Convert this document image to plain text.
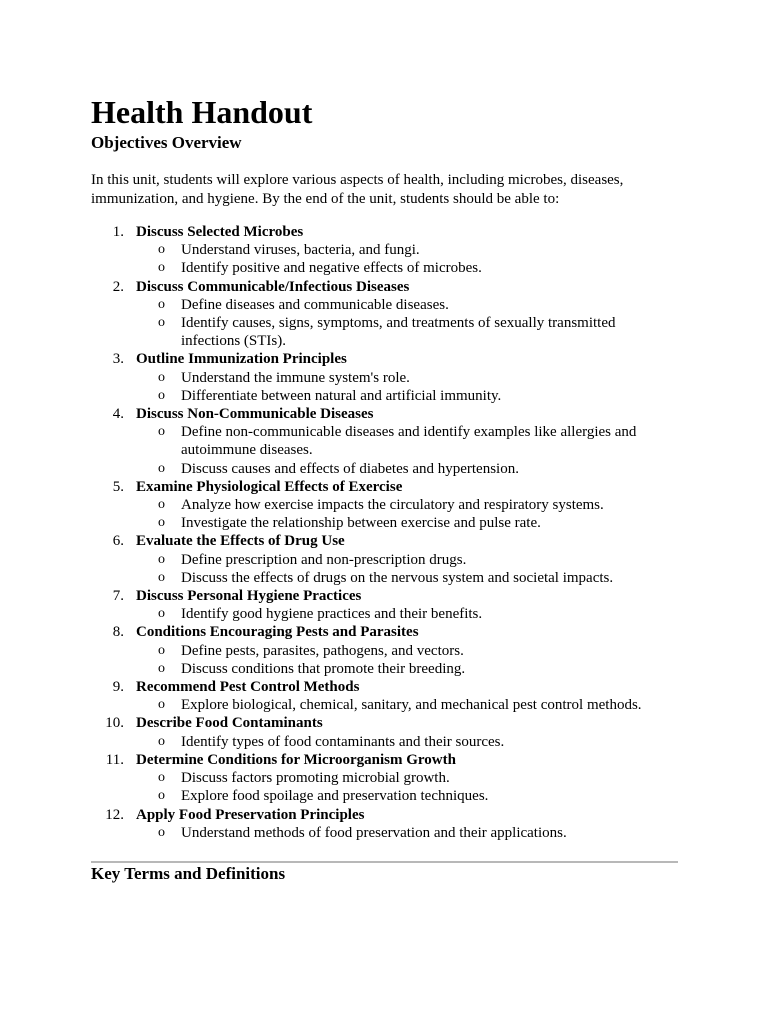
Health Handout
Objectives Overview

In this unit, students will explore various aspects of health, including microbes, diseases, immunization, and hygiene. By the end of the unit, students should be able to:

1. Discuss Selected Microbes
o Understand viruses, bacteria, and fungi.
o Identify positive and negative effects of microbes.
2. Discuss Communicable/Infectious Diseases
o Define diseases and communicable diseases.
o Identify causes, signs, symptoms, and treatments of sexually transmitted infections (STIs).
3. Outline Immunization Principles
o Understand the immune system's role.
o Differentiate between natural and artificial immunity.
4. Discuss Non-Communicable Diseases
o Define non-communicable diseases and identify examples like allergies and autoimmune diseases.
o Discuss causes and effects of diabetes and hypertension.
5. Examine Physiological Effects of Exercise
o Analyze how exercise impacts the circulatory and respiratory systems.
o Investigate the relationship between exercise and pulse rate.
6. Evaluate the Effects of Drug Use
o Define prescription and non-prescription drugs.
o Discuss the effects of drugs on the nervous system and societal impacts.
7. Discuss Personal Hygiene Practices
o Identify good hygiene practices and their benefits.
8. Conditions Encouraging Pests and Parasites
o Define pests, parasites, pathogens, and vectors.
o Discuss conditions that promote their breeding.
9. Recommend Pest Control Methods
o Explore biological, chemical, sanitary, and mechanical pest control methods.
10. Describe Food Contaminants
o Identify types of food contaminants and their sources.
11. Determine Conditions for Microorganism Growth
o Discuss factors promoting microbial growth.
o Explore food spoilage and preservation techniques.
12. Apply Food Preservation Principles
o Understand methods of food preservation and their applications.
Key Terms and Definitions
